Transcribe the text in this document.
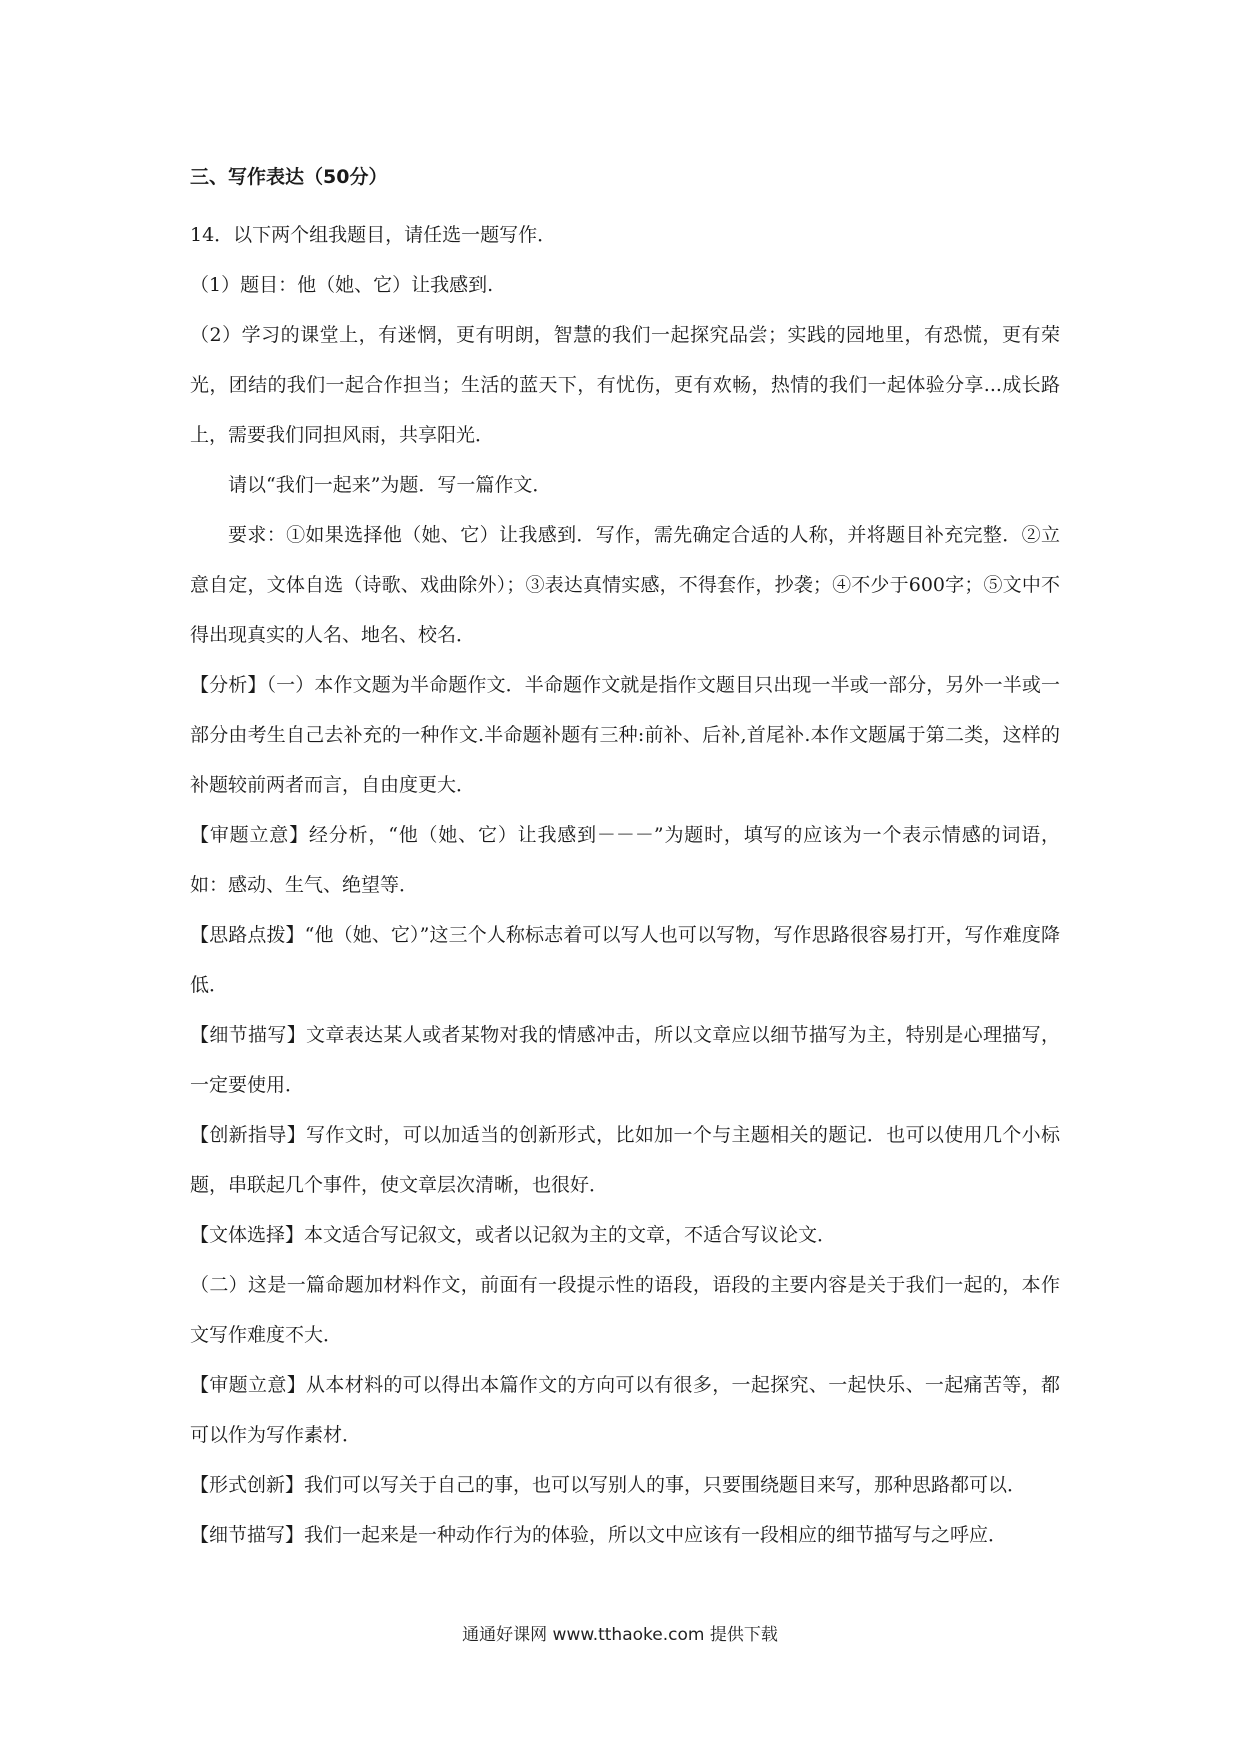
三、写作表达（50分）

14．以下两个组我题目，请任选一题写作．

（1）题目：他（她、它）让我感到.

（2）学习的课堂上，有迷惘，更有明朗，智慧的我们一起探究品尝；实践的园地里，有恐慌，更有荣光，团结的我们一起合作担当；生活的蓝天下，有忧伤，更有欢畅，热情的我们一起体验分享...成长路上，需要我们同担风雨，共享阳光．

请以“我们一起来”为题．写一篇作文．

要求：①如果选择他（她、它）让我感到．写作，需先确定合适的人称，并将题目补充完整．②立意自定，文体自选（诗歌、戏曲除外）；③表达真情实感，不得套作，抄袭；④不少于600字；⑤文中不得出现真实的人名、地名、校名．

【分析】（一）本作文题为半命题作文．半命题作文就是指作文题目只出现一半或一部分，另外一半或一部分由考生自己去补充的一种作文.半命题补题有三种:前补、后补,首尾补.本作文题属于第二类，这样的补题较前两者而言，自由度更大．

【审题立意】经分析，“他（她、它）让我感到－－－”为题时，填写的应该为一个表示情感的词语，如：感动、生气、绝望等．

【思路点拨】“他（她、它）”这三个人称标志着可以写人也可以写物，写作思路很容易打开，写作难度降低．

【细节描写】文章表达某人或者某物对我的情感冲击，所以文章应以细节描写为主，特别是心理描写，一定要使用．

【创新指导】写作文时，可以加适当的创新形式，比如加一个与主题相关的题记．也可以使用几个小标题，串联起几个事件，使文章层次清晰，也很好．

【文体选择】本文适合写记叙文，或者以记叙为主的文章，不适合写议论文．

（二）这是一篇命题加材料作文，前面有一段提示性的语段，语段的主要内容是关于我们一起的，本作文写作难度不大．

【审题立意】从本材料的可以得出本篇作文的方向可以有很多，一起探究、一起快乐、一起痛苦等，都可以作为写作素材．

【形式创新】我们可以写关于自己的事，也可以写别人的事，只要围绕题目来写，那种思路都可以．

【细节描写】我们一起来是一种动作行为的体验，所以文中应该有一段相应的细节描写与之呼应．

通通好课网 www.tthaoke.com 提供下载
